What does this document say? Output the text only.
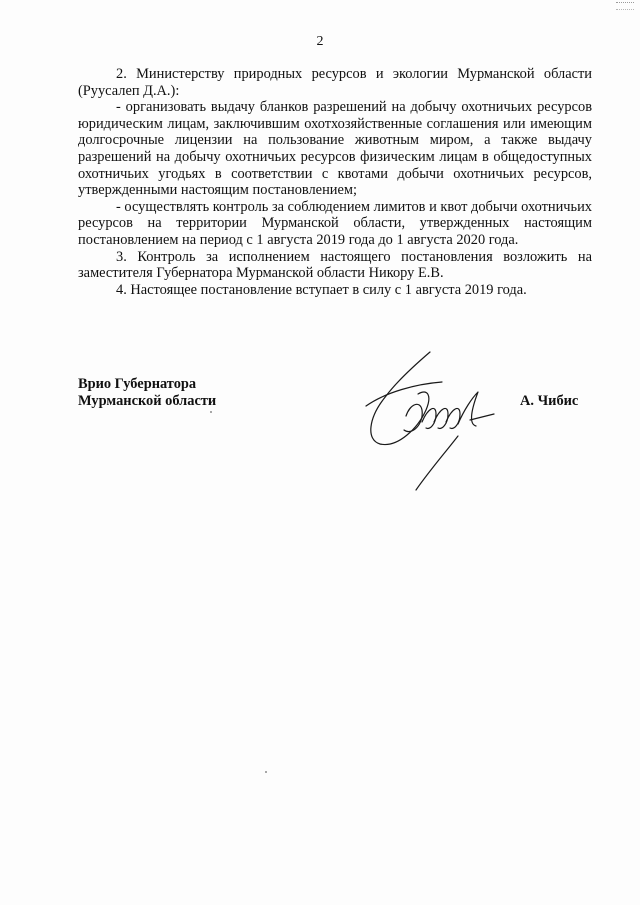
2

2. Министерству природных ресурсов и экологии Мурманской области (Руусалеп Д.А.):

- организовать выдачу бланков разрешений на добычу охотничьих ресурсов юридическим лицам, заключившим охотхозяйственные соглашения или имеющим долгосрочные лицензии на пользование животным миром, а также выдачу разрешений на добычу охотничьих ресурсов физическим лицам в общедоступных охотничьих угодьях в соответствии с квотами добычи охотничьих ресурсов, утвержденными настоящим постановлением;

- осуществлять контроль за соблюдением лимитов и квот добычи охотничьих ресурсов на территории Мурманской области, утвержденных настоящим постановлением на период с 1 августа 2019 года до 1 августа 2020 года.

3. Контроль за исполнением настоящего постановления возложить на заместителя Губернатора Мурманской области Никору Е.В.

4. Настоящее постановление вступает в силу с 1 августа 2019 года.

Врио Губернатора
Мурманской области	А. Чибис
